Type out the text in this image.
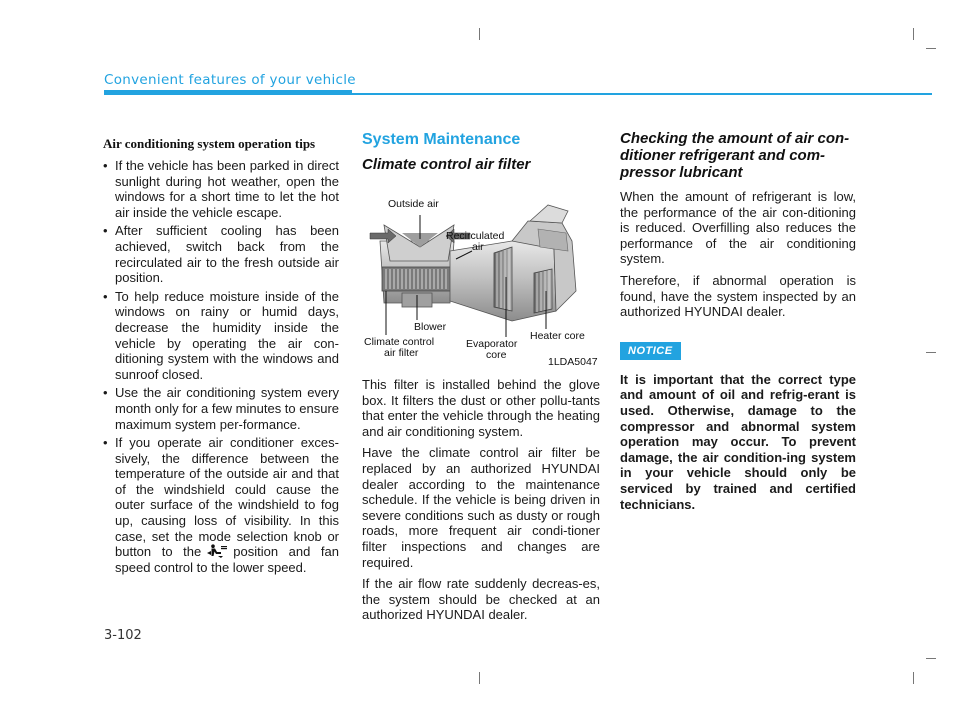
Convenient features of your vehicle
Air conditioning system operation tips
• If the vehicle has been parked in direct sunlight during hot weather, open the windows for a short time to let the hot air inside the vehicle escape.
• After sufficient cooling has been achieved, switch back from the recirculated air to the fresh outside air position.
• To help reduce moisture inside of the windows on rainy or humid days, decrease the humidity inside the vehicle by operating the air con-ditioning system with the windows and sunroof closed.
• Use the air conditioning system every month only for a few minutes to ensure maximum system per-formance.
• If you operate air conditioner exces-sively, the difference between the temperature of the outside air and that of the windshield could cause the outer surface of the windshield to fog up, causing loss of visibility. In this case, set the mode selection knob or button to the position and fan speed control to the lower speed.
System Maintenance
Climate control air filter
Outside air
Recirculated
air
Blower
Climate control
air filter
Evaporator
core
Heater core
1LDA5047

This filter is installed behind the glove box. It filters the dust or other pollu-tants that enter the vehicle through the heating and air conditioning system.

Have the climate control air filter be replaced by an authorized HYUNDAI dealer according to the maintenance schedule. If the vehicle is being driven in severe conditions such as dusty or rough roads, more frequent air condi-tioner filter inspections and changes are required.

If the air flow rate suddenly decreas-es, the system should be checked at an authorized HYUNDAI dealer.

Checking the amount of air con-ditioner refrigerant and com-pressor lubricant

When the amount of refrigerant is low, the performance of the air con-ditioning is reduced. Overfilling also reduces the performance of the air conditioning system.

Therefore, if abnormal operation is found, have the system inspected by an authorized HYUNDAI dealer.

NOTICE

It is important that the correct type and amount of oil and refrig-erant is used. Otherwise, damage to the compressor and abnormal system operation may occur. To prevent damage, the air condition-ing system in your vehicle should only be serviced by trained and certified technicians.

3-102
